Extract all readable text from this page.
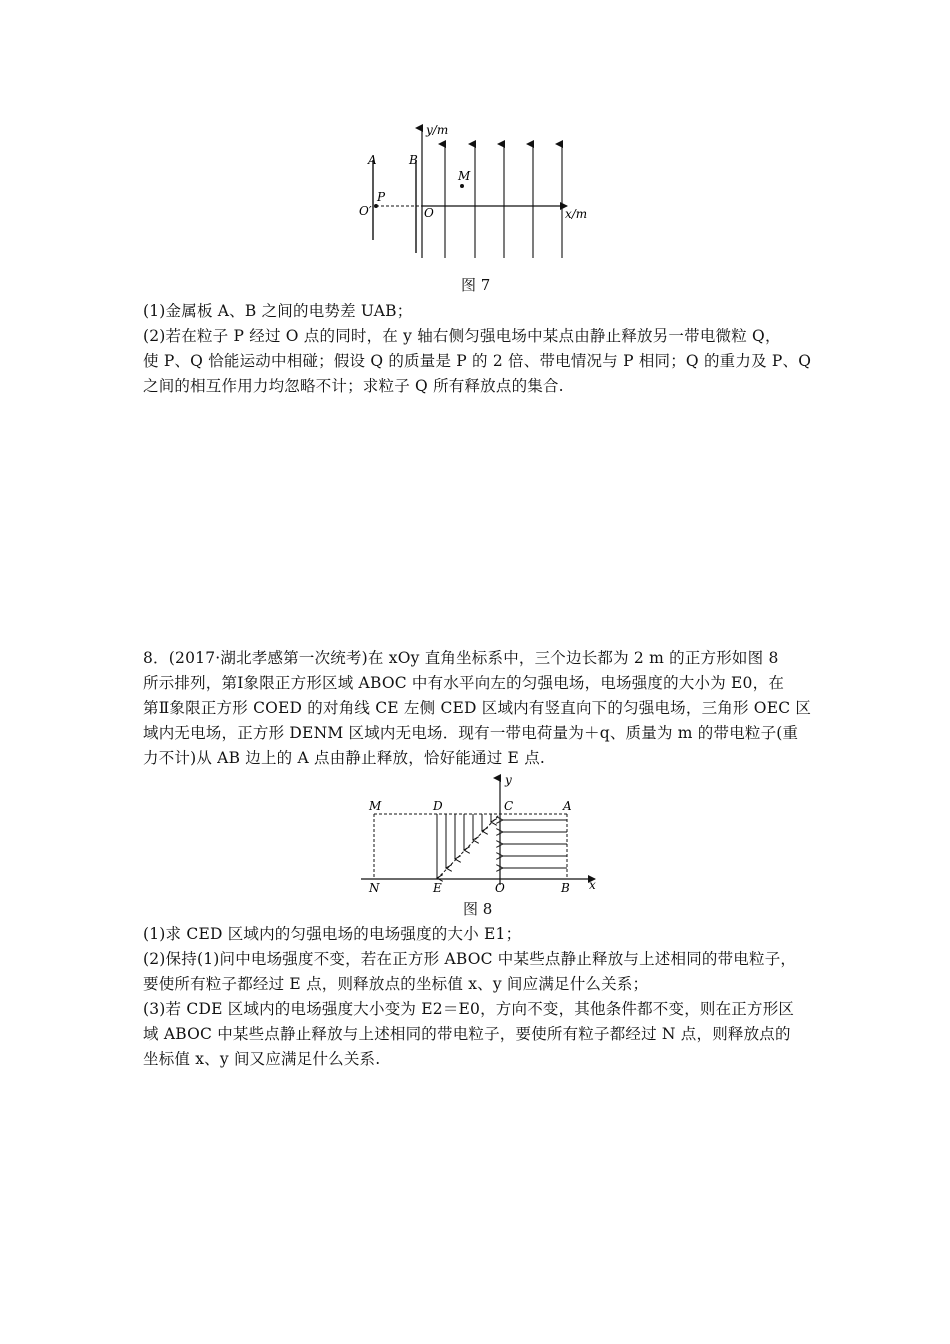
y/m
x/m
A	B
P
O′	O
M
图 7
(1)金属板 A、B 之间的电势差 UAB；
(2)若在粒子 P 经过 O 点的同时，在 y 轴右侧匀强电场中某点由静止释放另一带电微粒 Q，
使 P、Q 恰能运动中相碰；假设 Q 的质量是 P 的 2 倍、带电情况与 P 相同；Q 的重力及 P、Q
之间的相互作用力均忽略不计；求粒子 Q 所有释放点的集合.
8．(2017·湖北孝感第一次统考)在 xOy 直角坐标系中，三个边长都为 2 m 的正方形如图 8
所示排列，第Ⅰ象限正方形区域 ABOC 中有水平向左的匀强电场，电场强度的大小为 E0，在
第Ⅱ象限正方形 COED 的对角线 CE 左侧 CED 区域内有竖直向下的匀强电场，三角形 OEC 区
域内无电场，正方形 DENM 区域内无电场．现有一带电荷量为＋q、质量为 m 的带电粒子(重
力不计)从 AB 边上的 A 点由静止释放，恰好能通过 E 点.
y
x
M	D	C	A
N	E	O	B
图 8
(1)求 CED 区域内的匀强电场的电场强度的大小 E1；
(2)保持(1)问中电场强度不变，若在正方形 ABOC 中某些点静止释放与上述相同的带电粒子，
要使所有粒子都经过 E 点，则释放点的坐标值 x、y 间应满足什么关系；
(3)若 CDE 区域内的电场强度大小变为 E2＝E0，方向不变，其他条件都不变，则在正方形区
域 ABOC 中某些点静止释放与上述相同的带电粒子，要使所有粒子都经过 N 点，则释放点的
坐标值 x、y 间又应满足什么关系.
